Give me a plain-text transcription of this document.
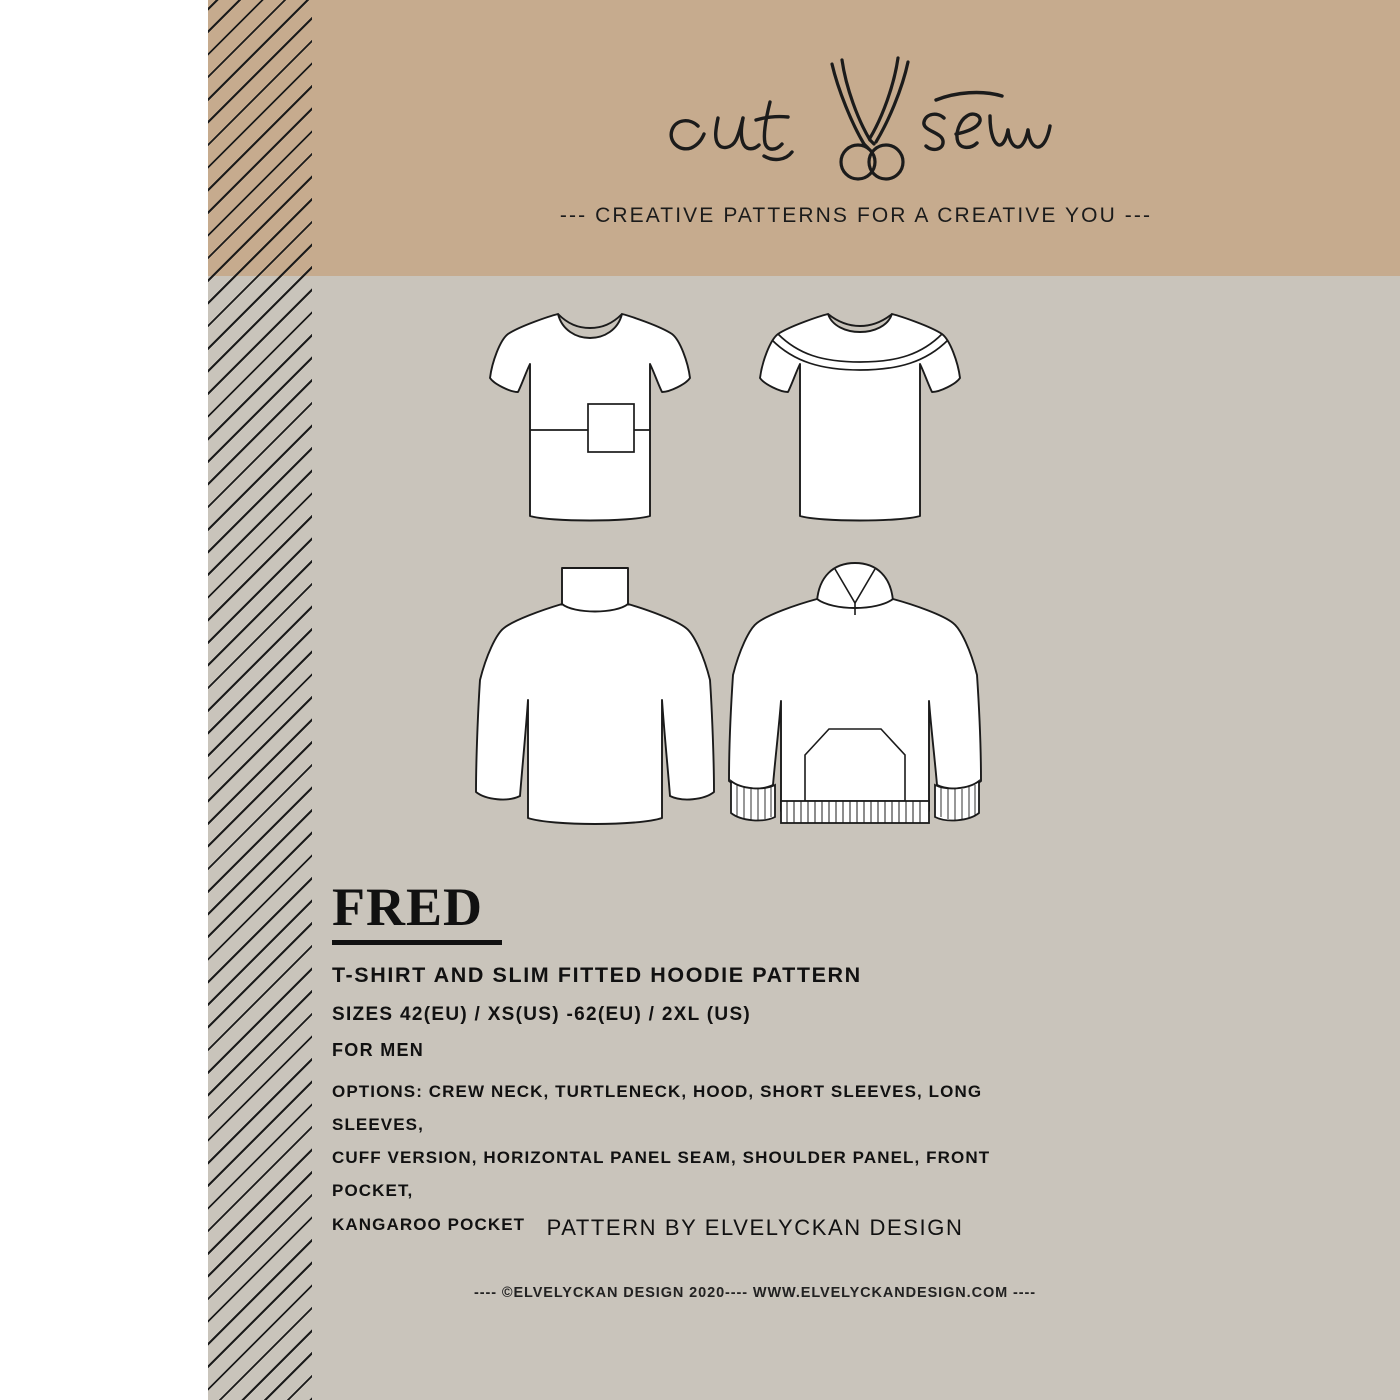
--- CREATIVE PATTERNS FOR A CREATIVE YOU ---
FRED
T-SHIRT AND SLIM FITTED HOODIE PATTERN
SIZES 42(EU) / XS(US) -62(EU) / 2XL (US)
FOR MEN
OPTIONS: CREW NECK, TURTLENECK, HOOD, SHORT SLEEVES, LONG SLEEVES,
CUFF VERSION, HORIZONTAL PANEL SEAM, SHOULDER PANEL, FRONT POCKET,
KANGAROO POCKET PATTERN BY ELVELYCKAN DESIGN
---- ©ELVELYCKAN DESIGN 2020---- WWW.ELVELYCKANDESIGN.COM ----
